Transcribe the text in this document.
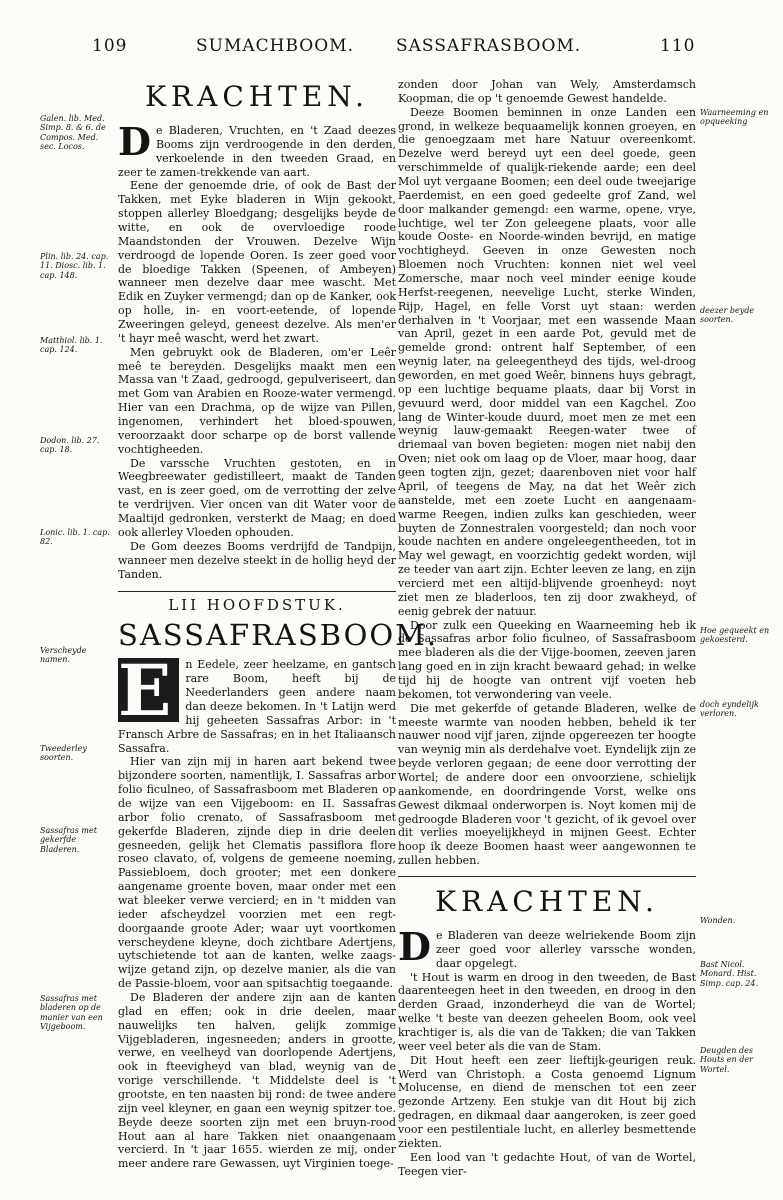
109	SUMACHBOOM. SASSAFRASBOOM.	110
Galen. lib. Med. Simp. 8. & 6. de Compos. Med. sec. Locos.
Plin. lib. 24. cap. 11. Diosc. lib. 1. cap. 148.
Matthiol. lib. 1. cap. 124.
Dodon. lib. 27. cap. 18.
Lonic. lib. 1. cap. 82.
Verscheyde namen.
Tweederley soorten.
Sassafras met gekerfde Bladeren.
Sassafras met bladeren op de manier van een Vijgeboom.
Waarneeming en opqueeking
deezer beyde soorten.
Hoe gequeekt en gekoesterd.
doch eyndelijk verloren.
Wonden.
Bast Nicol. Monard. Hist. Simp. cap. 24.
Deugden des Houts en der Wortel.
KRACHTEN.

De Bladeren, Vruchten, en 't Zaad deezes Booms zijn verdroogende in den derden, verkoelende in den tweeden Graad, en zeer te zamen-trekkende van aart.

Eene der genoemde drie, of ook de Bast der Takken, met Eyke bladeren in Wijn gekookt, stoppen allerley Bloedgang; desgelijks beyde de witte, en ook de overvloedige roode Maandstonden der Vrouwen. Dezelve Wijn verdroogd de lopende Ooren. Is zeer goed voor de bloedige Takken (Speenen, of Ambeyen) wanneer men dezelve daar mee wascht. Met Edik en Zuyker vermengd; dan op de Kanker, ook op holle, in- en voort-eetende, of lopende Zweeringen geleyd, geneest dezelve. Als men'er 't hayr meê wascht, werd het zwart.

Men gebruykt ook de Bladeren, om'er Leêr meê te bereyden. Desgelijks maakt men een Massa van 't Zaad, gedroogd, gepulveriseert, dan met Gom van Arabien en Rooze-water vermengd. Hier van een Drachma, op de wijze van Pillen, ingenomen, verhindert het bloed-spouwen, veroorzaakt door scharpe op de borst vallende vochtigheeden.

De varssche Vruchten gestoten, en in Weegbreewater gedistilleert, maakt de Tanden vast, en is zeer goed, om de verrotting der zelve te verdrijven. Vier oncen van dit Water voor de Maaltijd gedronken, versterkt de Maag; en doed ook allerley Vloeden ophouden.

De Gom deezes Booms verdrijfd de Tandpijn, wanneer men dezelve steekt in de hollig heyd der Tanden.

LII HOOFDSTUK.
SASSAFRASBOOM.

En Eedele, zeer heelzame, en gantsch rare Boom, heeft bij de Neederlanders geen andere naam dan deeze bekomen. In 't Latijn werd hij geheeten Sassafras Arbor: in 't Fransch Arbre de Sassafras; en in het Italiaansch Sassafra.

Hier van zijn mij in haren aart bekend twee bijzondere soorten, namentlijk, I. Sassafras arbor folio ficulneo, of Sassafrasboom met Bladeren op de wijze van een Vijgeboom: en II. Sassafras arbor folio crenato, of Sassafrasboom met gekerfde Bladeren, zijnde diep in drie deelen gesneeden, gelijk het Clematis passiflora flore roseo clavato, of, volgens de gemeene noeming, Passiebloem, doch grooter; met een donkere aangename groente boven, maar onder met een wat bleeker verwe vercierd; en in 't midden van ieder afscheydzel voorzien met een regt-doorgaande groote Ader; waar uyt voortkomen verscheydene kleyne, doch zichtbare Adertjens, uytschietende tot aan de kanten, welke zaags-wijze getand zijn, op dezelve manier, als die van de Passie-bloem, voor aan spitsachtig toegaande.

De Bladeren der andere zijn aan de kanten glad en effen; ook in drie deelen, maar nauwelijks ten halven, gelijk zommige Vijgebladeren, ingesneeden; anders in grootte, verwe, en veelheyd van doorlopende Adertjens, ook in fteevigheyd van blad, weynig van de vorige verschillende. 't Middelste deel is 't grootste, en ten naasten bij rond: de twee andere zijn veel kleyner, en gaan een weynig spitzer toe. Beyde deeze soorten zijn met een bruyn-rood Hout aan al hare Takken niet onaangenaam vercierd. In 't jaar 1655. wierden ze mij, onder meer andere rare Gewassen, uyt Virginien toege-

zonden door Johan van Wely, Amsterdamsch Koopman, die op 't genoemde Gewest handelde.

Deeze Boomen beminnen in onze Landen een grond, in welkeze bequaamelijk konnen groeyen, en die genoegzaam met hare Natuur overeenkomt. Dezelve werd bereyd uyt een deel goede, geen verschimmelde of qualijk-riekende aarde; een deel Mol uyt vergaane Boomen; een deel oude tweejarige Paerdemist, en een goed gedeelte grof Zand, wel door malkander gemengd: een warme, opene, vrye, luchtige, wel ter Zon geleegene plaats, voor alle koude Ooste- en Noorde-winden bevrijd, en matige vochtigheyd. Geeven in onze Gewesten noch Bloemen noch Vruchten: konnen niet wel veel Zomersche, maar noch veel minder eenige koude Herfst-reegenen, neevelige Lucht, sterke Winden, Rijp, Hagel, en felle Vorst uyt staan: werden derhalven in 't Voorjaar, met een wassende Maan van April, gezet in een aarde Pot, gevuld met de gemelde grond: ontrent half September, of een weynig later, na geleegentheyd des tijds, wel-droog geworden, en met goed Weêr, binnens huys gebragt, op een luchtige bequame plaats, daar bij Vorst in gevuurd werd, door middel van een Kagchel. Zoo lang de Winter-koude duurd, moet men ze met een weynig lauw-gemaakt Reegen-water twee of driemaal van boven begieten: mogen niet nabij den Oven; niet ook om laag op de Vloer, maar hoog, daar geen togten zijn, gezet; daarenboven niet voor half April, of teegens de May, na dat het Weêr zich aanstelde, met een zoete Lucht en aangenaam-warme Reegen, indien zulks kan geschieden, weer buyten de Zonnestralen voorgesteld; dan noch voor koude nachten en andere ongeleegentheeden, tot in May wel gewagt, en voorzichtig gedekt worden, wijl ze teeder van aart zijn. Echter leeven ze lang, en zijn vercierd met een altijd-blijvende groenheyd: noyt ziet men ze bladerloos, ten zij door zwakheyd, of eenig gebrek der natuur.

Door zulk een Queeking en Waarneeming heb ik de Sassafras arbor folio ficulneo, of Sassafrasboom mee bladeren als die der Vijge-boomen, zeeven jaren lang goed en in zijn kracht bewaard gehad; in welke tijd hij de hoogte van ontrent vijf voeten heb bekomen, tot verwondering van veele.

Die met gekerfde of getande Bladeren, welke de meeste warmte van nooden hebben, beheld ik ter nauwer nood vijf jaren, zijnde opgereezen ter hoogte van weynig min als derdehalve voet. Eyndelijk zijn ze beyde verloren gegaan; de eene door verrotting der Wortel; de andere door een onvoorziene, schielijk aankomende, en doordringende Vorst, welke ons Gewest dikmaal onderworpen is. Noyt komen mij de gedroogde Bladeren voor 't gezicht, of ik gevoel over dit verlies moeyelijkheyd in mijnen Geest. Echter hoop ik deeze Boomen haast weer aangewonnen te zullen hebben.

KRACHTEN.

De Bladeren van deeze welriekende Boom zijn zeer goed voor allerley varssche wonden, daar opgelegt.

't Hout is warm en droog in den tweeden, de Bast daarenteegen heet in den tweeden, en droog in den derden Graad, inzonderheyd die van de Wortel; welke 't beste van deezen geheelen Boom, ook veel krachtiger is, als die van de Takken; die van Takken weer veel beter als die van de Stam.

Dit Hout heeft een zeer lieftijk-geurigen reuk. Werd van Christoph. a Costa genoemd Lignum Molucense, en diend de menschen tot een zeer gezonde Artzeny. Een stukje van dit Hout bij zich gedragen, en dikmaal daar aangeroken, is zeer goed voor een pestilentiale lucht, en allerley besmettende ziekten.

Een lood van 't gedachte Hout, of van de Wortel, Teegen vier-
